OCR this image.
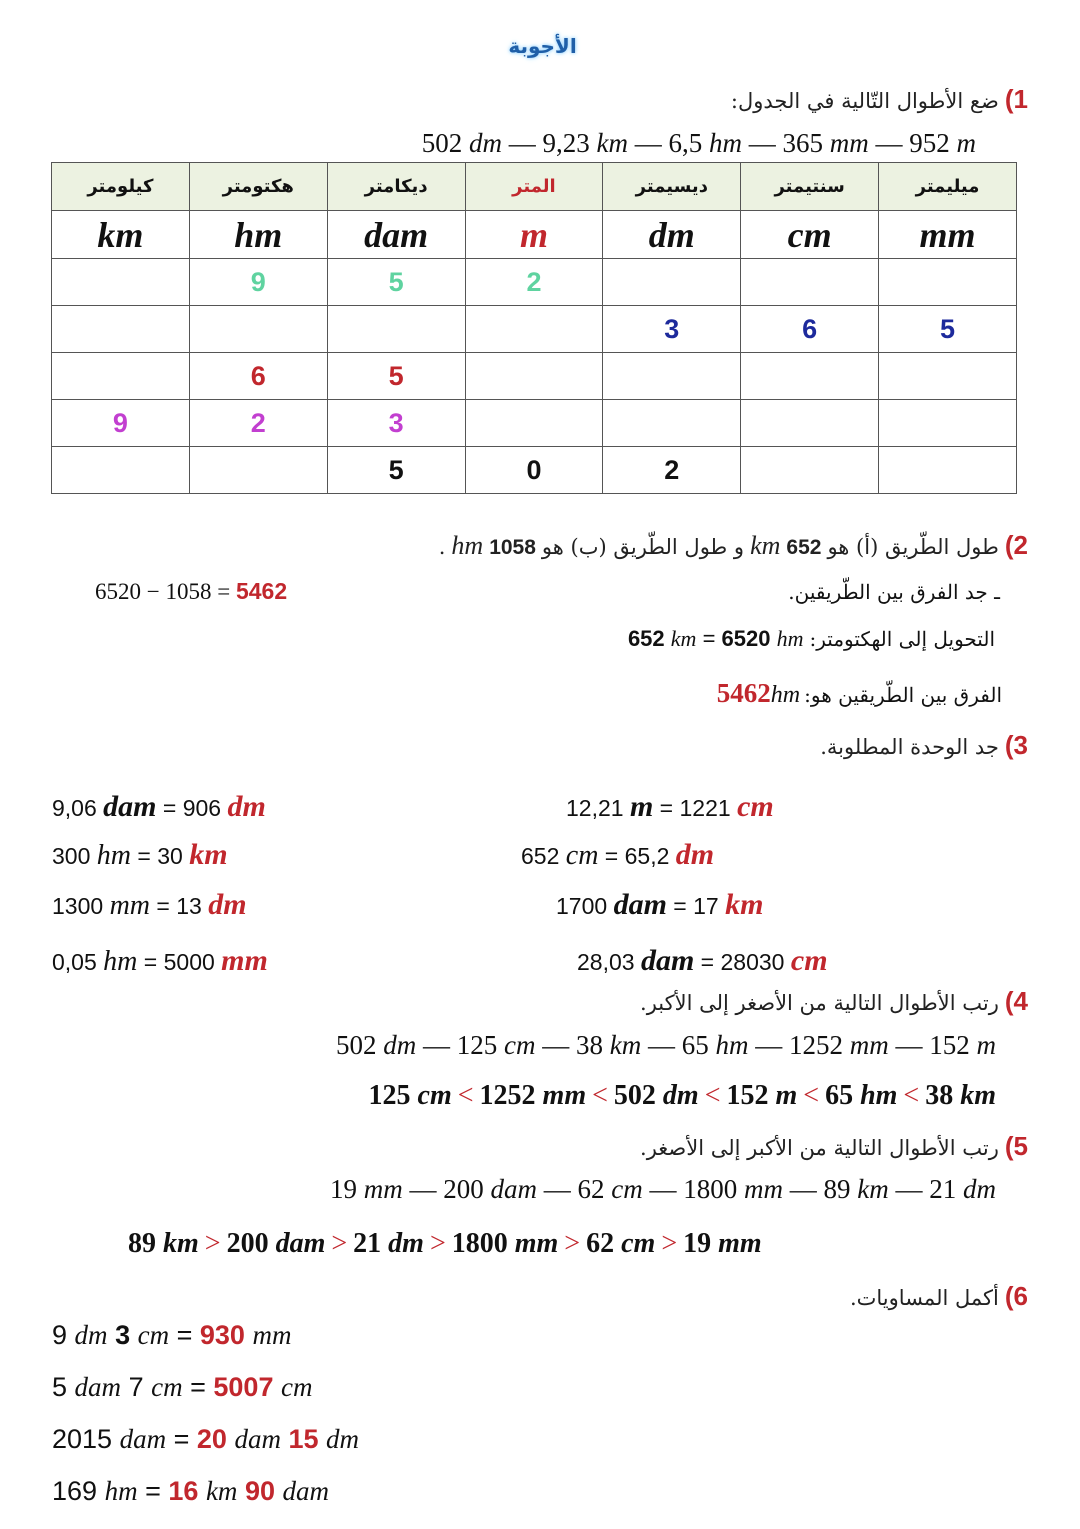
الأجوبة
1)
ضع الأطوال التّالية في الجدول:
502 dm — 9,23 km — 6,5 hm — 365 mm — 952 m
كيلومتر	هكتومتر	ديكامتر	المتر	ديسيمتر	سنتيمتر	ميليمتر
km	hm	dam	m	dm	cm	mm
	9	5	2			
				3	6	5
	6	5				
9	2	3				
		5	0	2		
2)
طول الطّريق (أ) هو
652
km
و طول الطّريق (ب) هو
1058
hm
.
6520 − 1058 = 5462	ـ جد الفرق بين الطّريقين.
التحويل إلى الهكتومتر:
652 km = 6520 hm
الفرق بين الطّريقين هو:
5462hm
3)
جد الوحدة المطلوبة.
9,06 dam = 906 dm
300 hm = 30 km
1300 mm = 13 dm
0,05 hm = 5000 mm
12,21 m = 1221 cm
652 cm = 65,2 dm
1700 dam = 17 km
28,03 dam = 28030 cm
4)
رتب الأطوال التالية من الأصغر إلى الأكبر.
502 dm — 125 cm — 38 km — 65 hm — 1252 mm — 152 m
125 cm < 1252 mm < 502 dm < 152 m < 65 hm < 38 km
5)
رتب الأطوال التالية من الأكبر إلى الأصغر.
19 mm — 200 dam — 62 cm — 1800 mm — 89 km — 21 dm
89 km > 200 dam > 21 dm > 1800 mm > 62 cm > 19 mm
6)
أكمل المساويات.
9 dm 3 cm = 930 mm
5 dam 7 cm = 5007 cm
2015 dam = 20 dam 15 dm
169 hm = 16 km 90 dam
